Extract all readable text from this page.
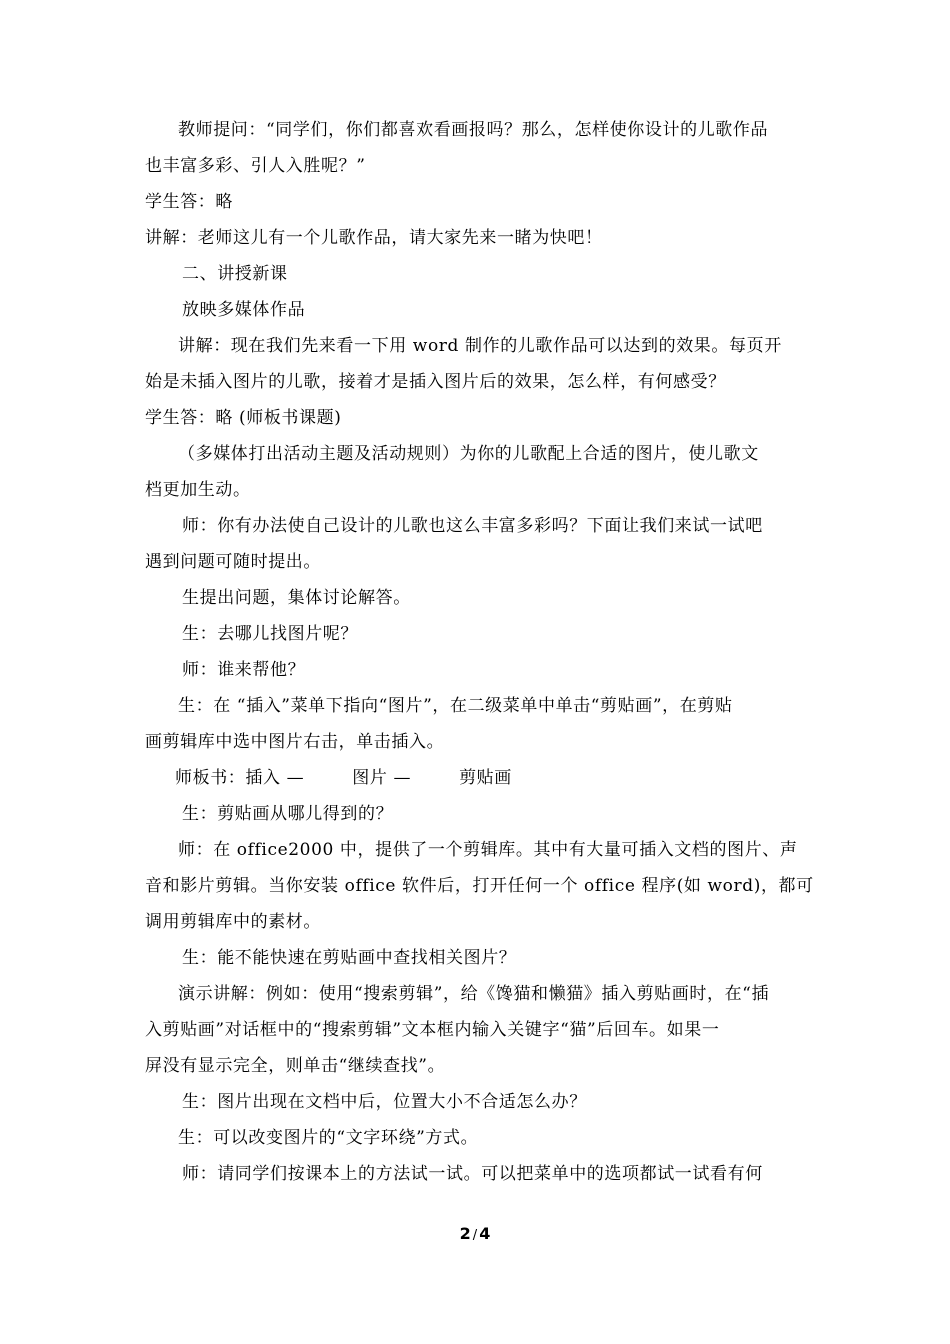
教师提问：“同学们，你们都喜欢看画报吗？那么，怎样使你设计的儿歌作品
也丰富多彩、引人入胜呢？”
学生答：略
讲解：老师这儿有一个儿歌作品，请大家先来一睹为快吧！
二、讲授新课
放映多媒体作品
讲解：现在我们先来看一下用 word 制作的儿歌作品可以达到的效果。每页开
始是未插入图片的儿歌，接着才是插入图片后的效果，怎么样，有何感受？
学生答：略 (师板书课题)
（多媒体打出活动主题及活动规则）为你的儿歌配上合适的图片，使儿歌文
档更加生动。
师：你有办法使自己设计的儿歌也这么丰富多彩吗？下面让我们来试一试吧
遇到问题可随时提出。
生提出问题，集体讨论解答。
生：去哪儿找图片呢？
师：谁来帮他？
生：在 “插入”菜单下指向“图片”，在二级菜单中单击“剪贴画”，在剪贴
画剪辑库中选中图片右击，单击插入。
师板书：插入 —        图片 —        剪贴画
生：剪贴画从哪儿得到的？
师：在 office2000 中，提供了一个剪辑库。其中有大量可插入文档的图片、声
音和影片剪辑。当你安装 office 软件后，打开任何一个 office 程序(如 word)，都可
调用剪辑库中的素材。
生：能不能快速在剪贴画中查找相关图片？
演示讲解：例如：使用“搜索剪辑”，给《馋猫和懒猫》插入剪贴画时，在“插
入剪贴画”对话框中的“搜索剪辑”文本框内输入关键字“猫”后回车。如果一
屏没有显示完全，则单击“继续查找”。
生：图片出现在文档中后，位置大小不合适怎么办？
生：可以改变图片的“文字环绕”方式。
师：请同学们按课本上的方法试一试。可以把菜单中的选项都试一试看有何
2 / 4
